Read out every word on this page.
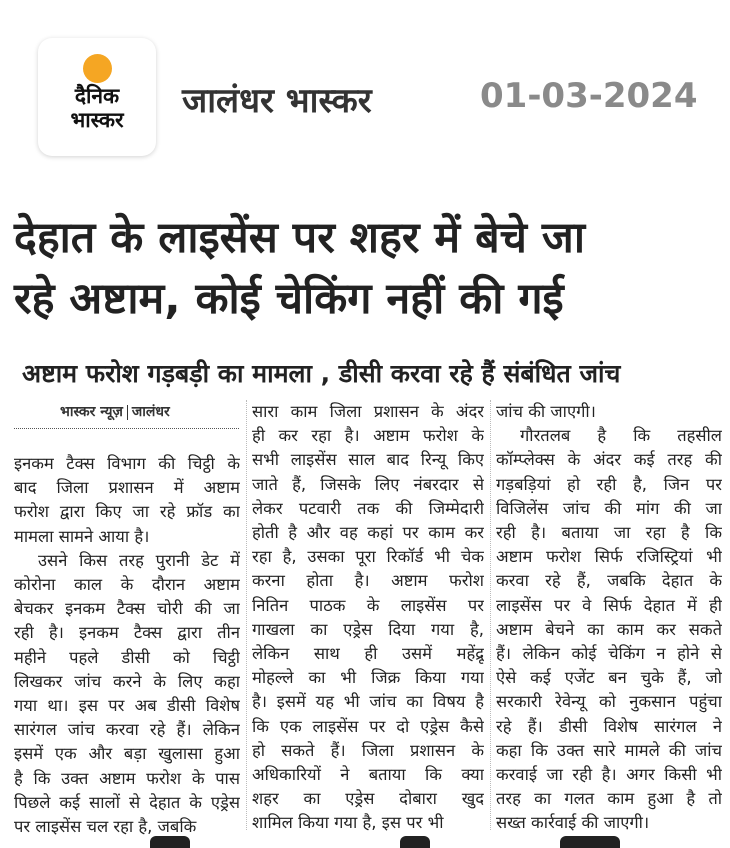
दैनिक
भास्कर	जालंधर भास्कर	01-03-2024
देहात के लाइसेंस पर शहर में बेचे जा
रहे अष्टाम, कोई चेकिंग नहीं की गई
अष्टाम फरोश गड़बड़ी का मामला , डीसी करवा रहे हैं संबंधित जांच
भास्कर न्यूज़ जालंधर
इनकम टैक्स विभाग की चिट्ठी के
बाद जिला प्रशासन में अष्टाम
फरोश द्वारा किए जा रहे फ्रॉड का
मामला सामने आया है।
उसने किस तरह पुरानी डेट में
कोरोना काल के दौरान अष्टाम
बेचकर इनकम टैक्स चोरी की जा
रही है। इनकम टैक्स द्वारा तीन
महीने पहले डीसी को चिट्ठी
लिखकर जांच करने के लिए कहा
गया था। इस पर अब डीसी विशेष
सारंगल जांच करवा रहे हैं। लेकिन
इसमें एक और बड़ा खुलासा हुआ
है कि उक्त अष्टाम फरोश के पास
पिछले कई सालों से देहात के एड्रेस
पर लाइसेंस चल रहा है, जबकि
सारा काम जिला प्रशासन के अंदर
ही कर रहा है। अष्टाम फरोश के
सभी लाइसेंस साल बाद रिन्यू किए
जाते हैं, जिसके लिए नंबरदार से
लेकर पटवारी तक की जिम्मेदारी
होती है और वह कहां पर काम कर
रहा है, उसका पूरा रिकॉर्ड भी चेक
करना होता है। अष्टाम फरोश
नितिन पाठक के लाइसेंस पर
गाखला का एड्रेस दिया गया है,
लेकिन साथ ही उसमें महेंद्रू
मोहल्ले का भी जिक्र किया गया
है। इसमें यह भी जांच का विषय है
कि एक लाइसेंस पर दो एड्रेस कैसे
हो सकते हैं। जिला प्रशासन के
अधिकारियों ने बताया कि क्या
शहर का एड्रेस दोबारा खुद
शामिल किया गया है, इस पर भी
जांच की जाएगी।
गौरतलब है कि तहसील
कॉम्प्लेक्स के अंदर कई तरह की
गड़बड़ियां हो रही है, जिन पर
विजिलेंस जांच की मांग की जा
रही है। बताया जा रहा है कि
अष्टाम फरोश सिर्फ रजिस्ट्रियां भी
करवा रहे हैं, जबकि देहात के
लाइसेंस पर वे सिर्फ देहात में ही
अष्टाम बेचने का काम कर सकते
हैं। लेकिन कोई चेकिंग न होने से
ऐसे कई एजेंट बन चुके हैं, जो
सरकारी रेवेन्यू को नुकसान पहुंचा
रहे हैं। डीसी विशेष सारंगल ने
कहा कि उक्त सारे मामले की जांच
करवाई जा रही है। अगर किसी भी
तरह का गलत काम हुआ है तो
सख्त कार्रवाई की जाएगी।
